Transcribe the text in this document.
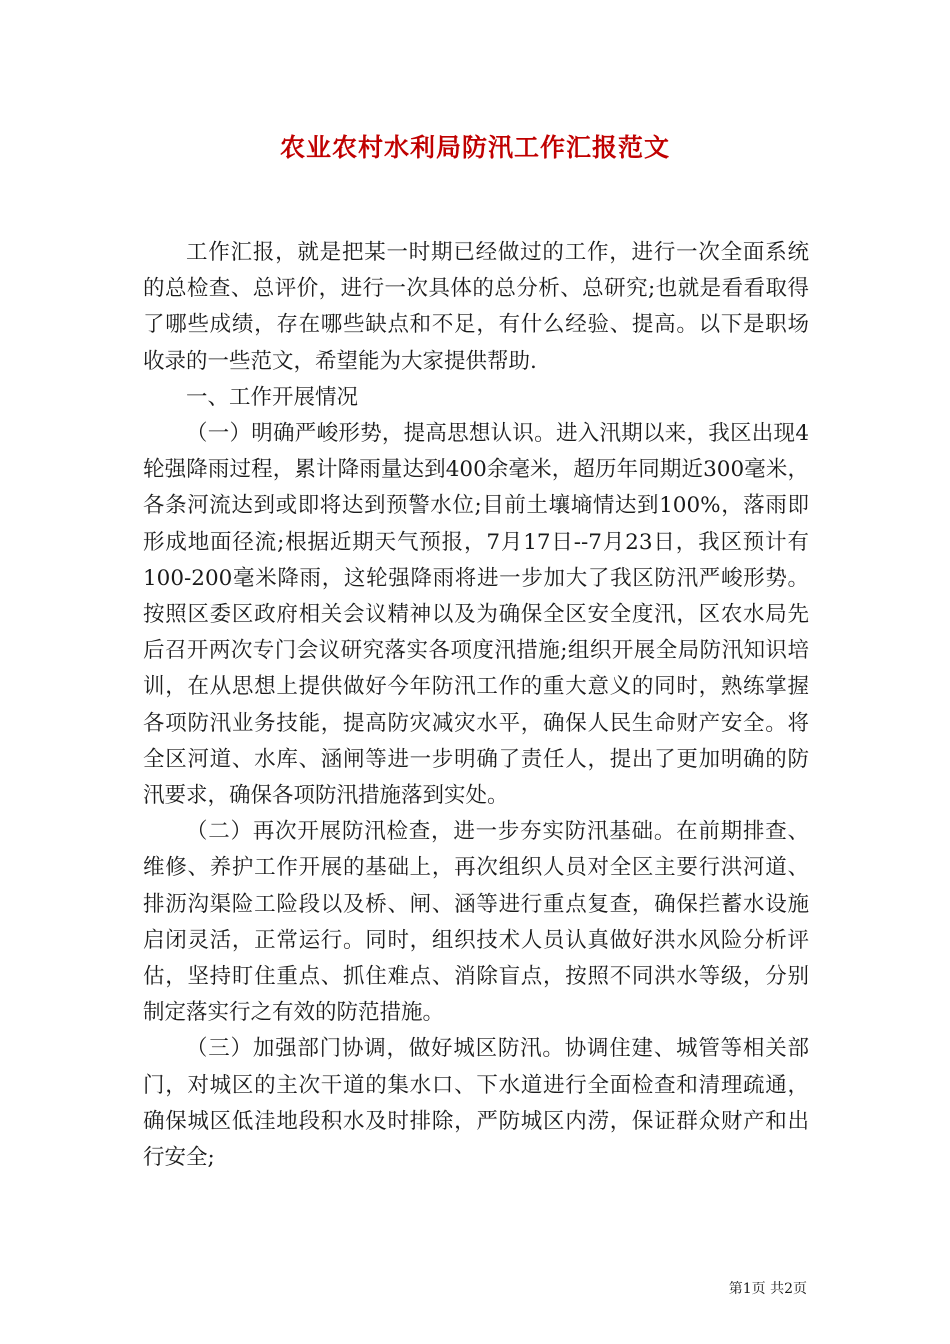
农业农村水利局防汛工作汇报范文

工作汇报，就是把某一时期已经做过的工作，进行一次全面系统的总检查、总评价，进行一次具体的总分析、总研究;也就是看看取得了哪些成绩，存在哪些缺点和不足，有什么经验、提高。以下是职场收录的一些范文，希望能为大家提供帮助.

一、工作开展情况

（一）明确严峻形势，提高思想认识。进入汛期以来，我区出现4轮强降雨过程，累计降雨量达到400余毫米，超历年同期近300毫米，各条河流达到或即将达到预警水位;目前土壤墒情达到100%，落雨即形成地面径流;根据近期天气预报，7月17日--7月23日，我区预计有100-200毫米降雨，这轮强降雨将进一步加大了我区防汛严峻形势。按照区委区政府相关会议精神以及为确保全区安全度汛，区农水局先后召开两次专门会议研究落实各项度汛措施;组织开展全局防汛知识培训，在从思想上提供做好今年防汛工作的重大意义的同时，熟练掌握各项防汛业务技能，提高防灾减灾水平，确保人民生命财产安全。将全区河道、水库、涵闸等进一步明确了责任人，提出了更加明确的防汛要求，确保各项防汛措施落到实处。

（二）再次开展防汛检查，进一步夯实防汛基础。在前期排查、维修、养护工作开展的基础上，再次组织人员对全区主要行洪河道、排沥沟渠险工险段以及桥、闸、涵等进行重点复查，确保拦蓄水设施启闭灵活，正常运行。同时，组织技术人员认真做好洪水风险分析评估，坚持盯住重点、抓住难点、消除盲点，按照不同洪水等级，分别制定落实行之有效的防范措施。

（三）加强部门协调，做好城区防汛。协调住建、城管等相关部门，对城区的主次干道的集水口、下水道进行全面检查和清理疏通，确保城区低洼地段积水及时排除，严防城区内涝，保证群众财产和出行安全;

第1页 共2页
